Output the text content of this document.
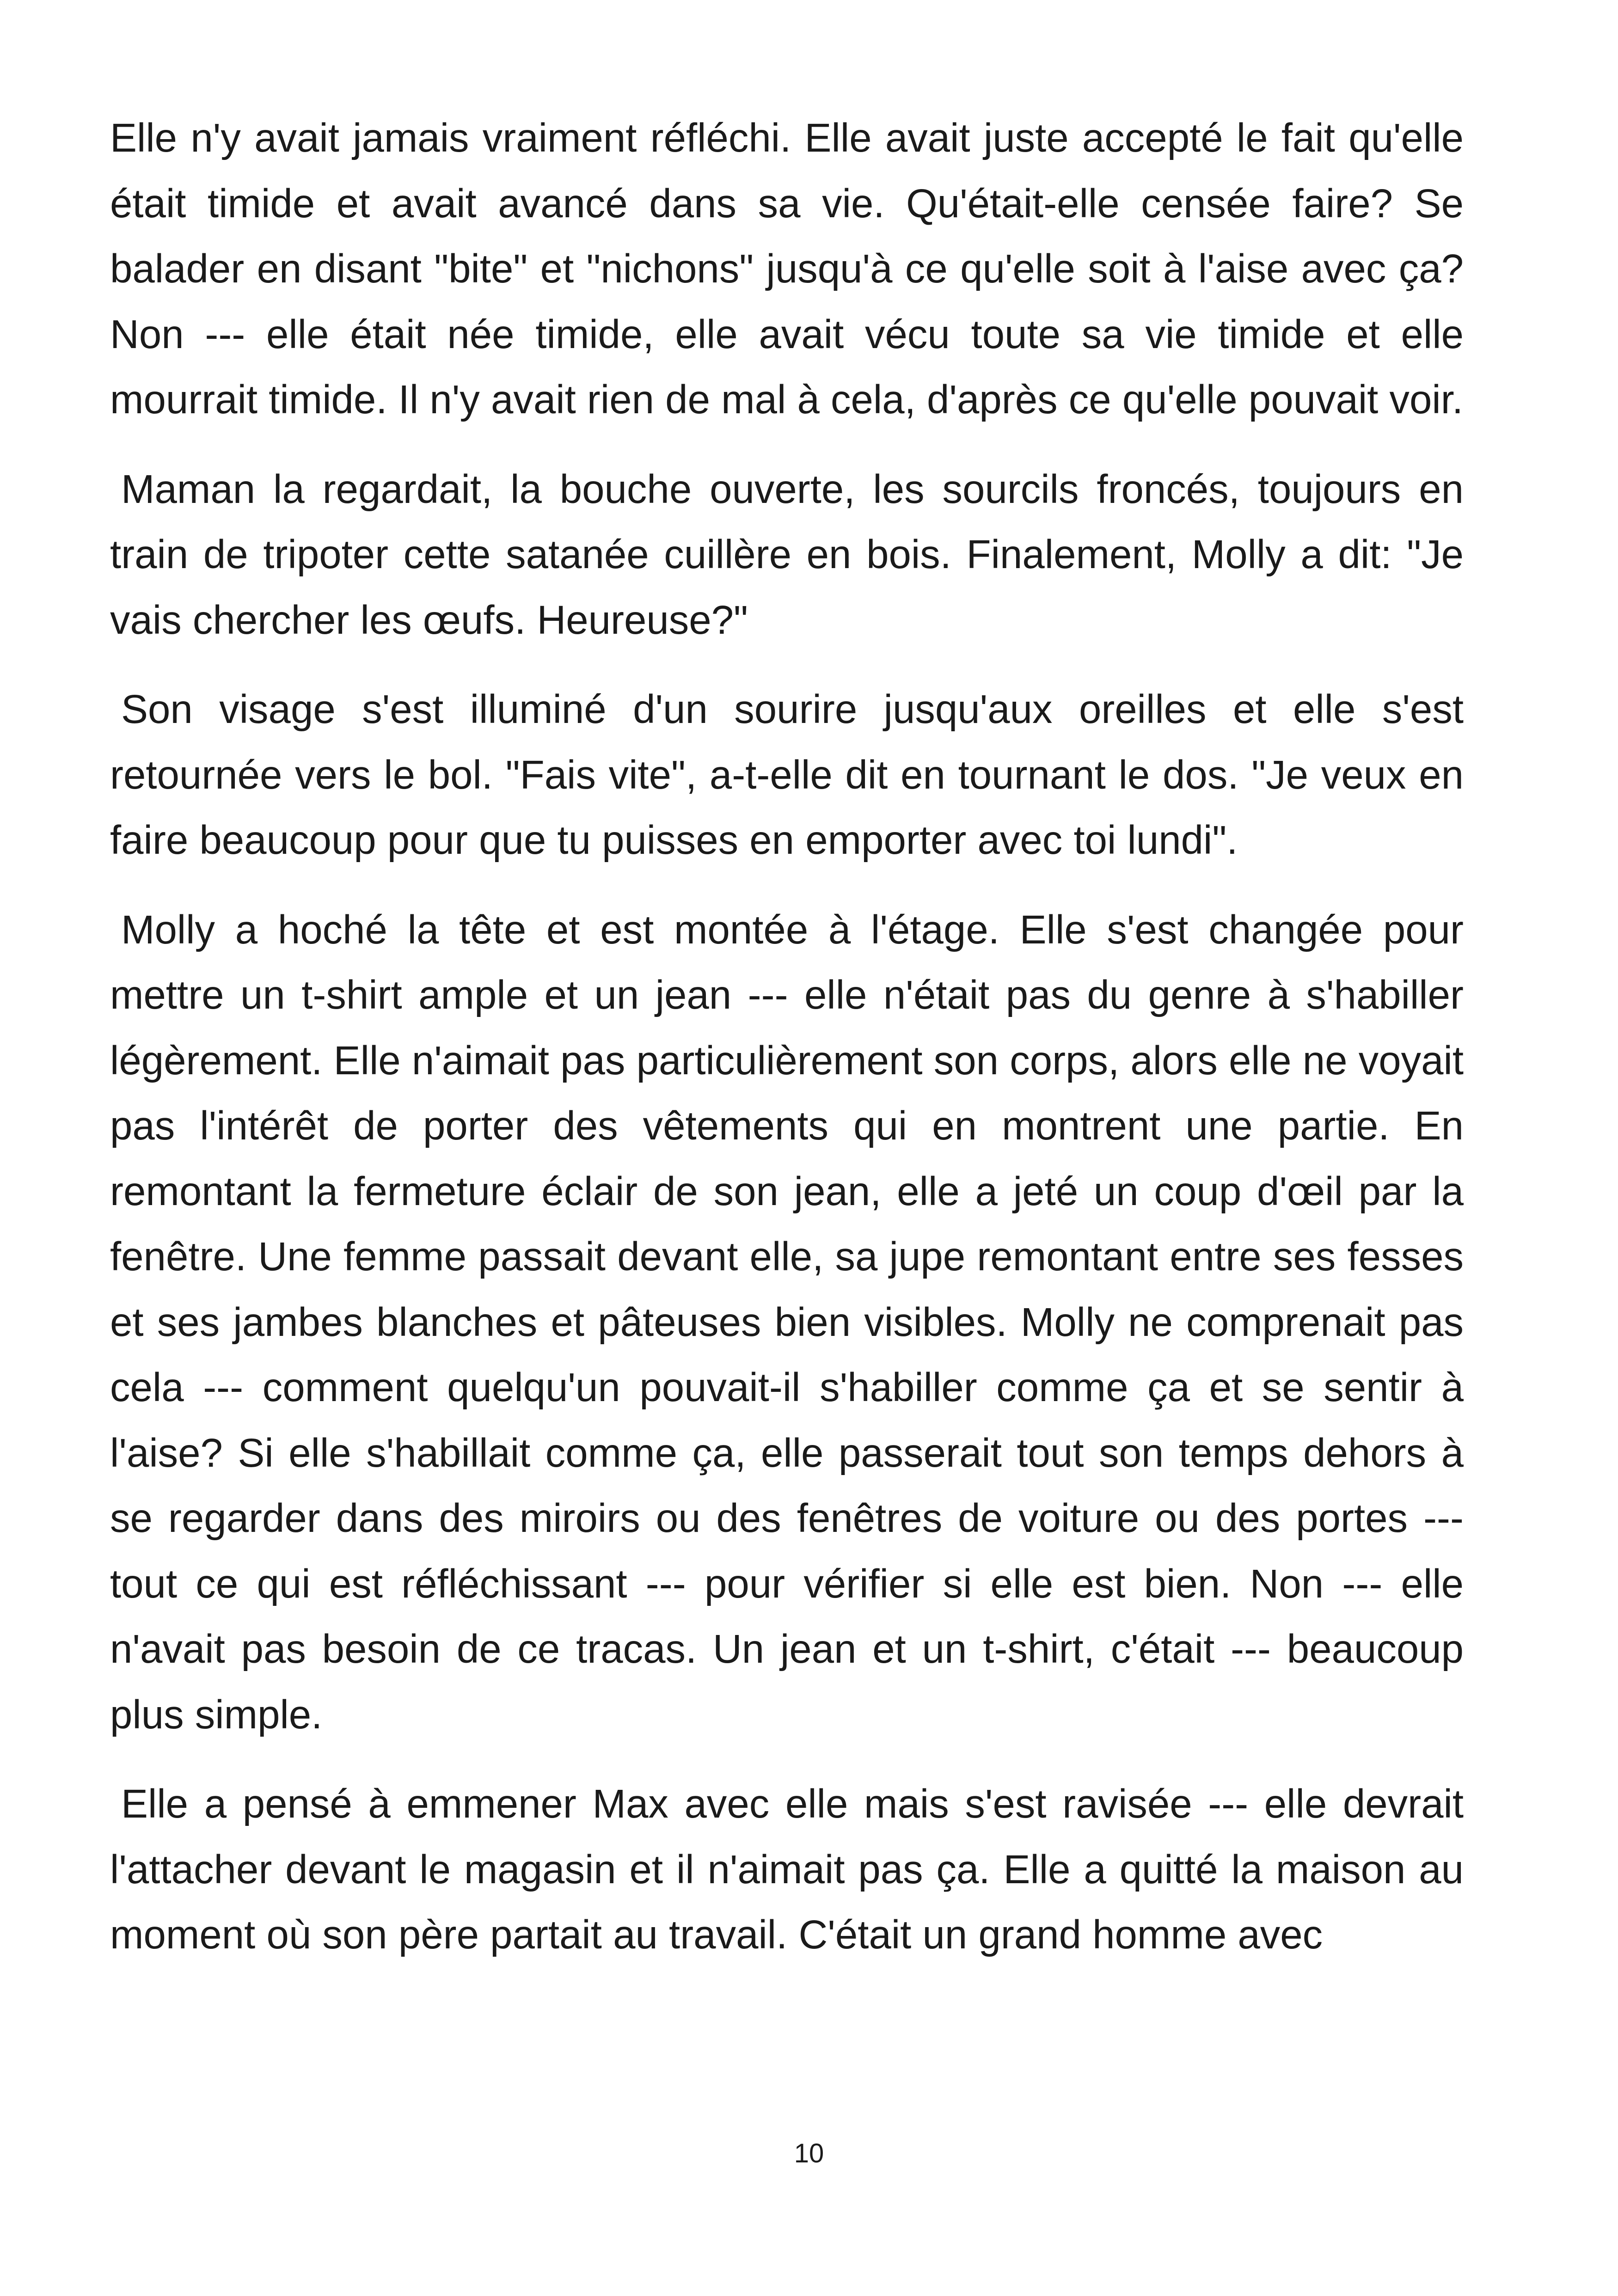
Elle n'y avait jamais vraiment réfléchi. Elle avait juste accepté le fait qu'elle était timide et avait avancé dans sa vie. Qu'était-elle censée faire? Se balader en disant "bite" et "nichons" jusqu'à ce qu'elle soit à l'aise avec ça? Non --- elle était née timide, elle avait vécu toute sa vie timide et elle mourrait timide. Il n'y avait rien de mal à cela, d'après ce qu'elle pouvait voir.

Maman la regardait, la bouche ouverte, les sourcils froncés, toujours en train de tripoter cette satanée cuillère en bois. Finalement, Molly a dit: "Je vais chercher les œufs. Heureuse?"

Son visage s'est illuminé d'un sourire jusqu'aux oreilles et elle s'est retournée vers le bol. "Fais vite", a-t-elle dit en tournant le dos. "Je veux en faire beaucoup pour que tu puisses en emporter avec toi lundi".

Molly a hoché la tête et est montée à l'étage. Elle s'est changée pour mettre un t-shirt ample et un jean --- elle n'était pas du genre à s'habiller légèrement. Elle n'aimait pas particulièrement son corps, alors elle ne voyait pas l'intérêt de porter des vêtements qui en montrent une partie. En remontant la fermeture éclair de son jean, elle a jeté un coup d'œil par la fenêtre. Une femme passait devant elle, sa jupe remontant entre ses fesses et ses jambes blanches et pâteuses bien visibles. Molly ne comprenait pas cela --- comment quelqu'un pouvait-il s'habiller comme ça et se sentir à l'aise? Si elle s'habillait comme ça, elle passerait tout son temps dehors à se regarder dans des miroirs ou des fenêtres de voiture ou des portes --- tout ce qui est réfléchissant --- pour vérifier si elle est bien. Non --- elle n'avait pas besoin de ce tracas. Un jean et un t-shirt, c'était --- beaucoup plus simple.

Elle a pensé à emmener Max avec elle mais s'est ravisée --- elle devrait l'attacher devant le magasin et il n'aimait pas ça. Elle a quitté la maison au moment où son père partait au travail. C'était un grand homme avec

10
